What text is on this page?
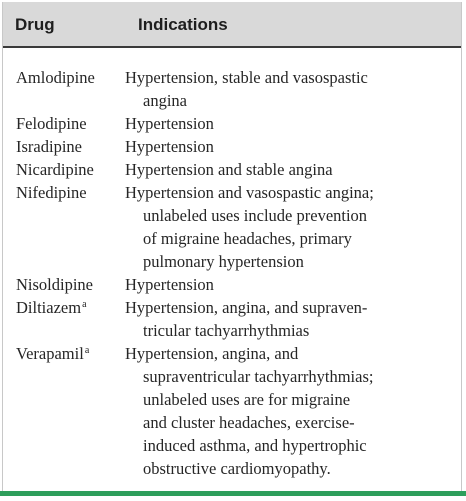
Drug	Indications
Amlodipine	Hypertension, stable and vasospastic
angina
Felodipine	Hypertension
Isradipine	Hypertension
Nicardipine	Hypertension and stable angina
Nifedipine	Hypertension and vasospastic angina;
unlabeled uses include prevention
of migraine headaches, primary
pulmonary hypertension
Nisoldipine	Hypertension
Diltiazem$^a$	Hypertension, angina, and supraven-
tricular tachyarrhythmias
Verapamil$^a$	Hypertension, angina, and
supraventricular tachyarrhythmias;
unlabeled uses are for migraine
and cluster headaches, exercise-
induced asthma, and hypertrophic
obstructive cardiomyopathy.
